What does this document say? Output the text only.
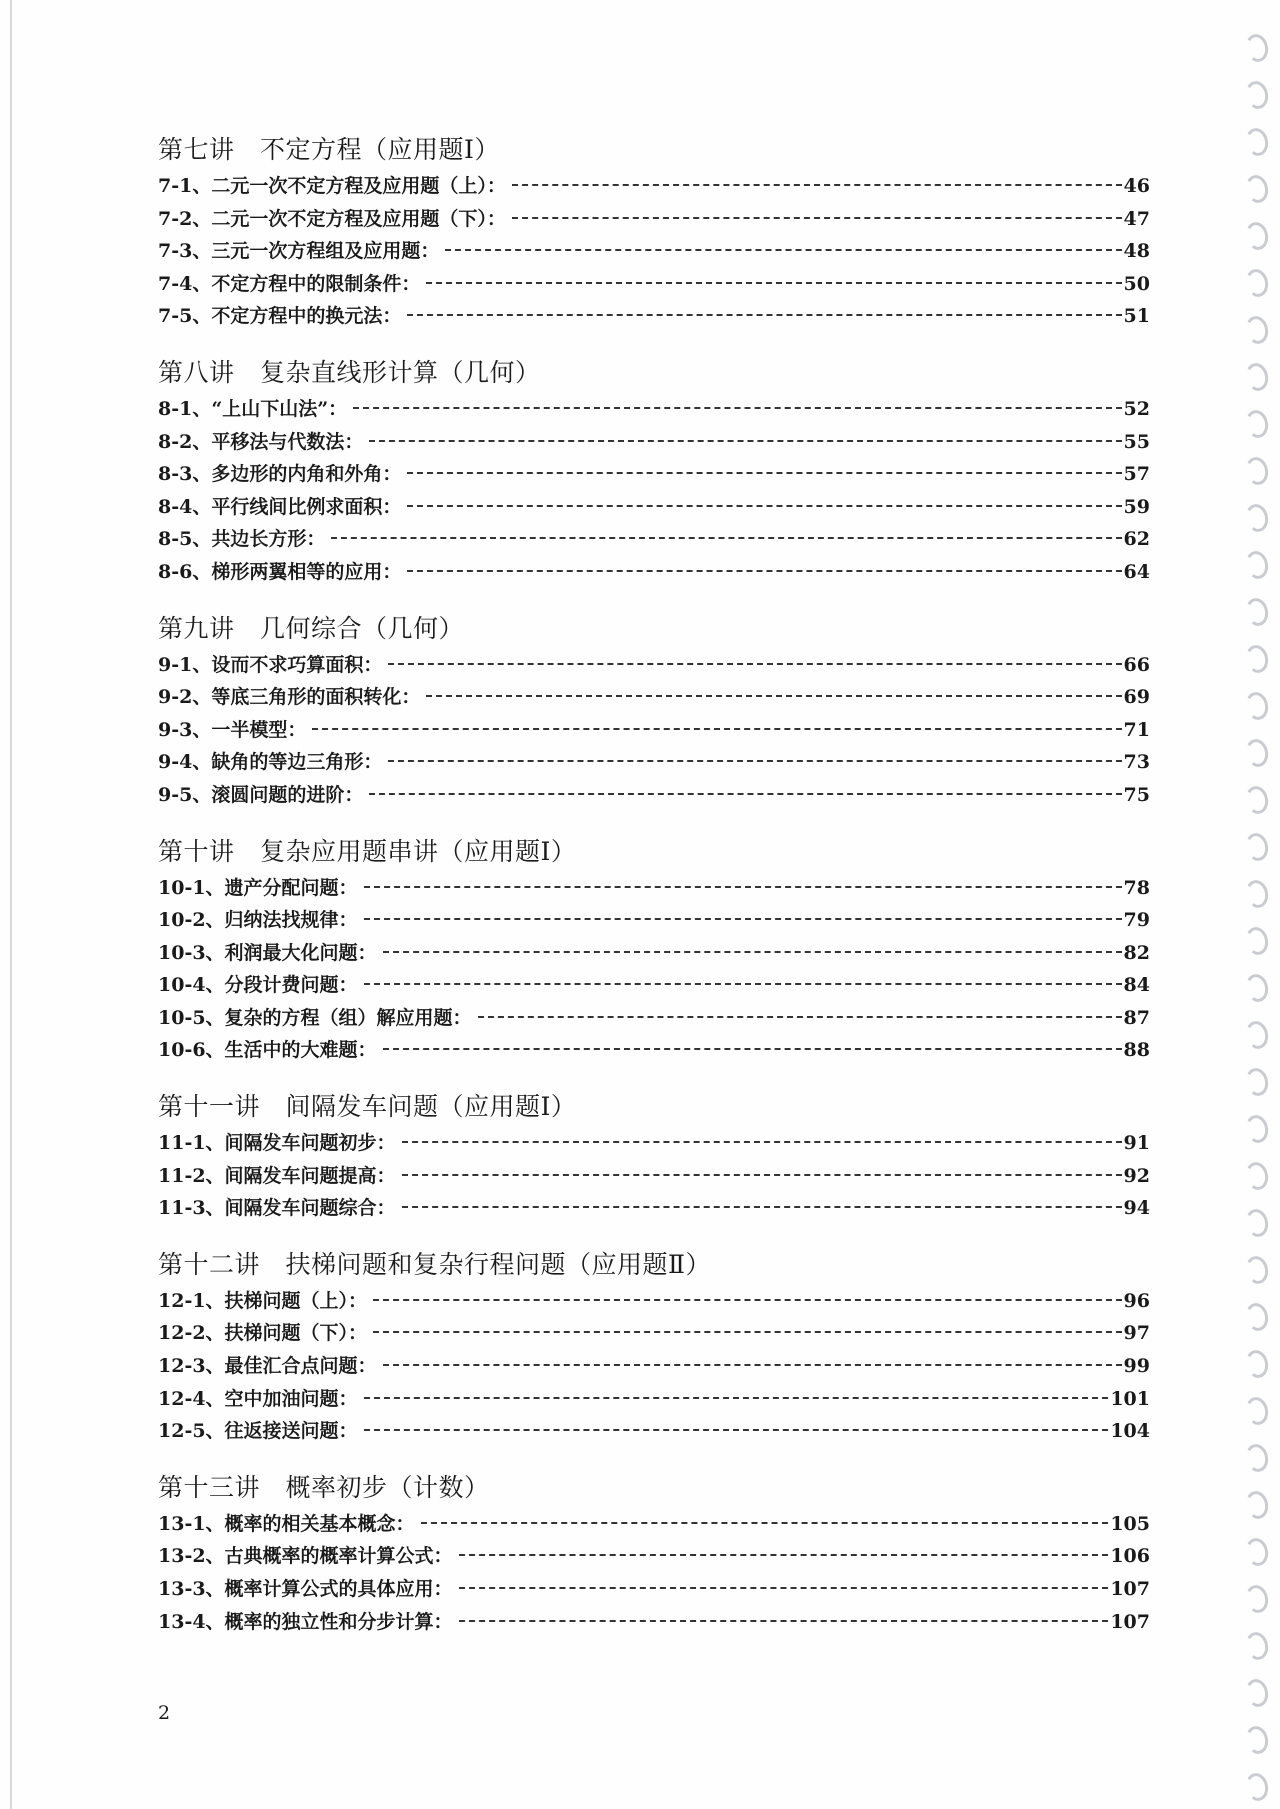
第七讲　不定方程（应用题Ⅰ）
7-1、二元一次不定方程及应用题（上）：	46
7-2、二元一次不定方程及应用题（下）：	47
7-3、三元一次方程组及应用题：	48
7-4、不定方程中的限制条件：	50
7-5、不定方程中的换元法：	51
第八讲　复杂直线形计算（几何）
8-1、“上山下山法”：	52
8-2、平移法与代数法：	55
8-3、多边形的内角和外角：	57
8-4、平行线间比例求面积：	59
8-5、共边长方形：	62
8-6、梯形两翼相等的应用：	64
第九讲　几何综合（几何）
9-1、设而不求巧算面积：	66
9-2、等底三角形的面积转化：	69
9-3、一半模型：	71
9-4、缺角的等边三角形：	73
9-5、滚圆问题的进阶：	75
第十讲　复杂应用题串讲（应用题Ⅰ）
10-1、遗产分配问题：	78
10-2、归纳法找规律：	79
10-3、利润最大化问题：	82
10-4、分段计费问题：	84
10-5、复杂的方程（组）解应用题：	87
10-6、生活中的大难题：	88
第十一讲　间隔发车问题（应用题Ⅰ）
11-1、间隔发车问题初步：	91
11-2、间隔发车问题提高：	92
11-3、间隔发车问题综合：	94
第十二讲　扶梯问题和复杂行程问题（应用题Ⅱ）
12-1、扶梯问题（上）：	96
12-2、扶梯问题（下）：	97
12-3、最佳汇合点问题：	99
12-4、空中加油问题：	101
12-5、往返接送问题：	104
第十三讲　概率初步（计数）
13-1、概率的相关基本概念：	105
13-2、古典概率的概率计算公式：	106
13-3、概率计算公式的具体应用：	107
13-4、概率的独立性和分步计算：	107
2
